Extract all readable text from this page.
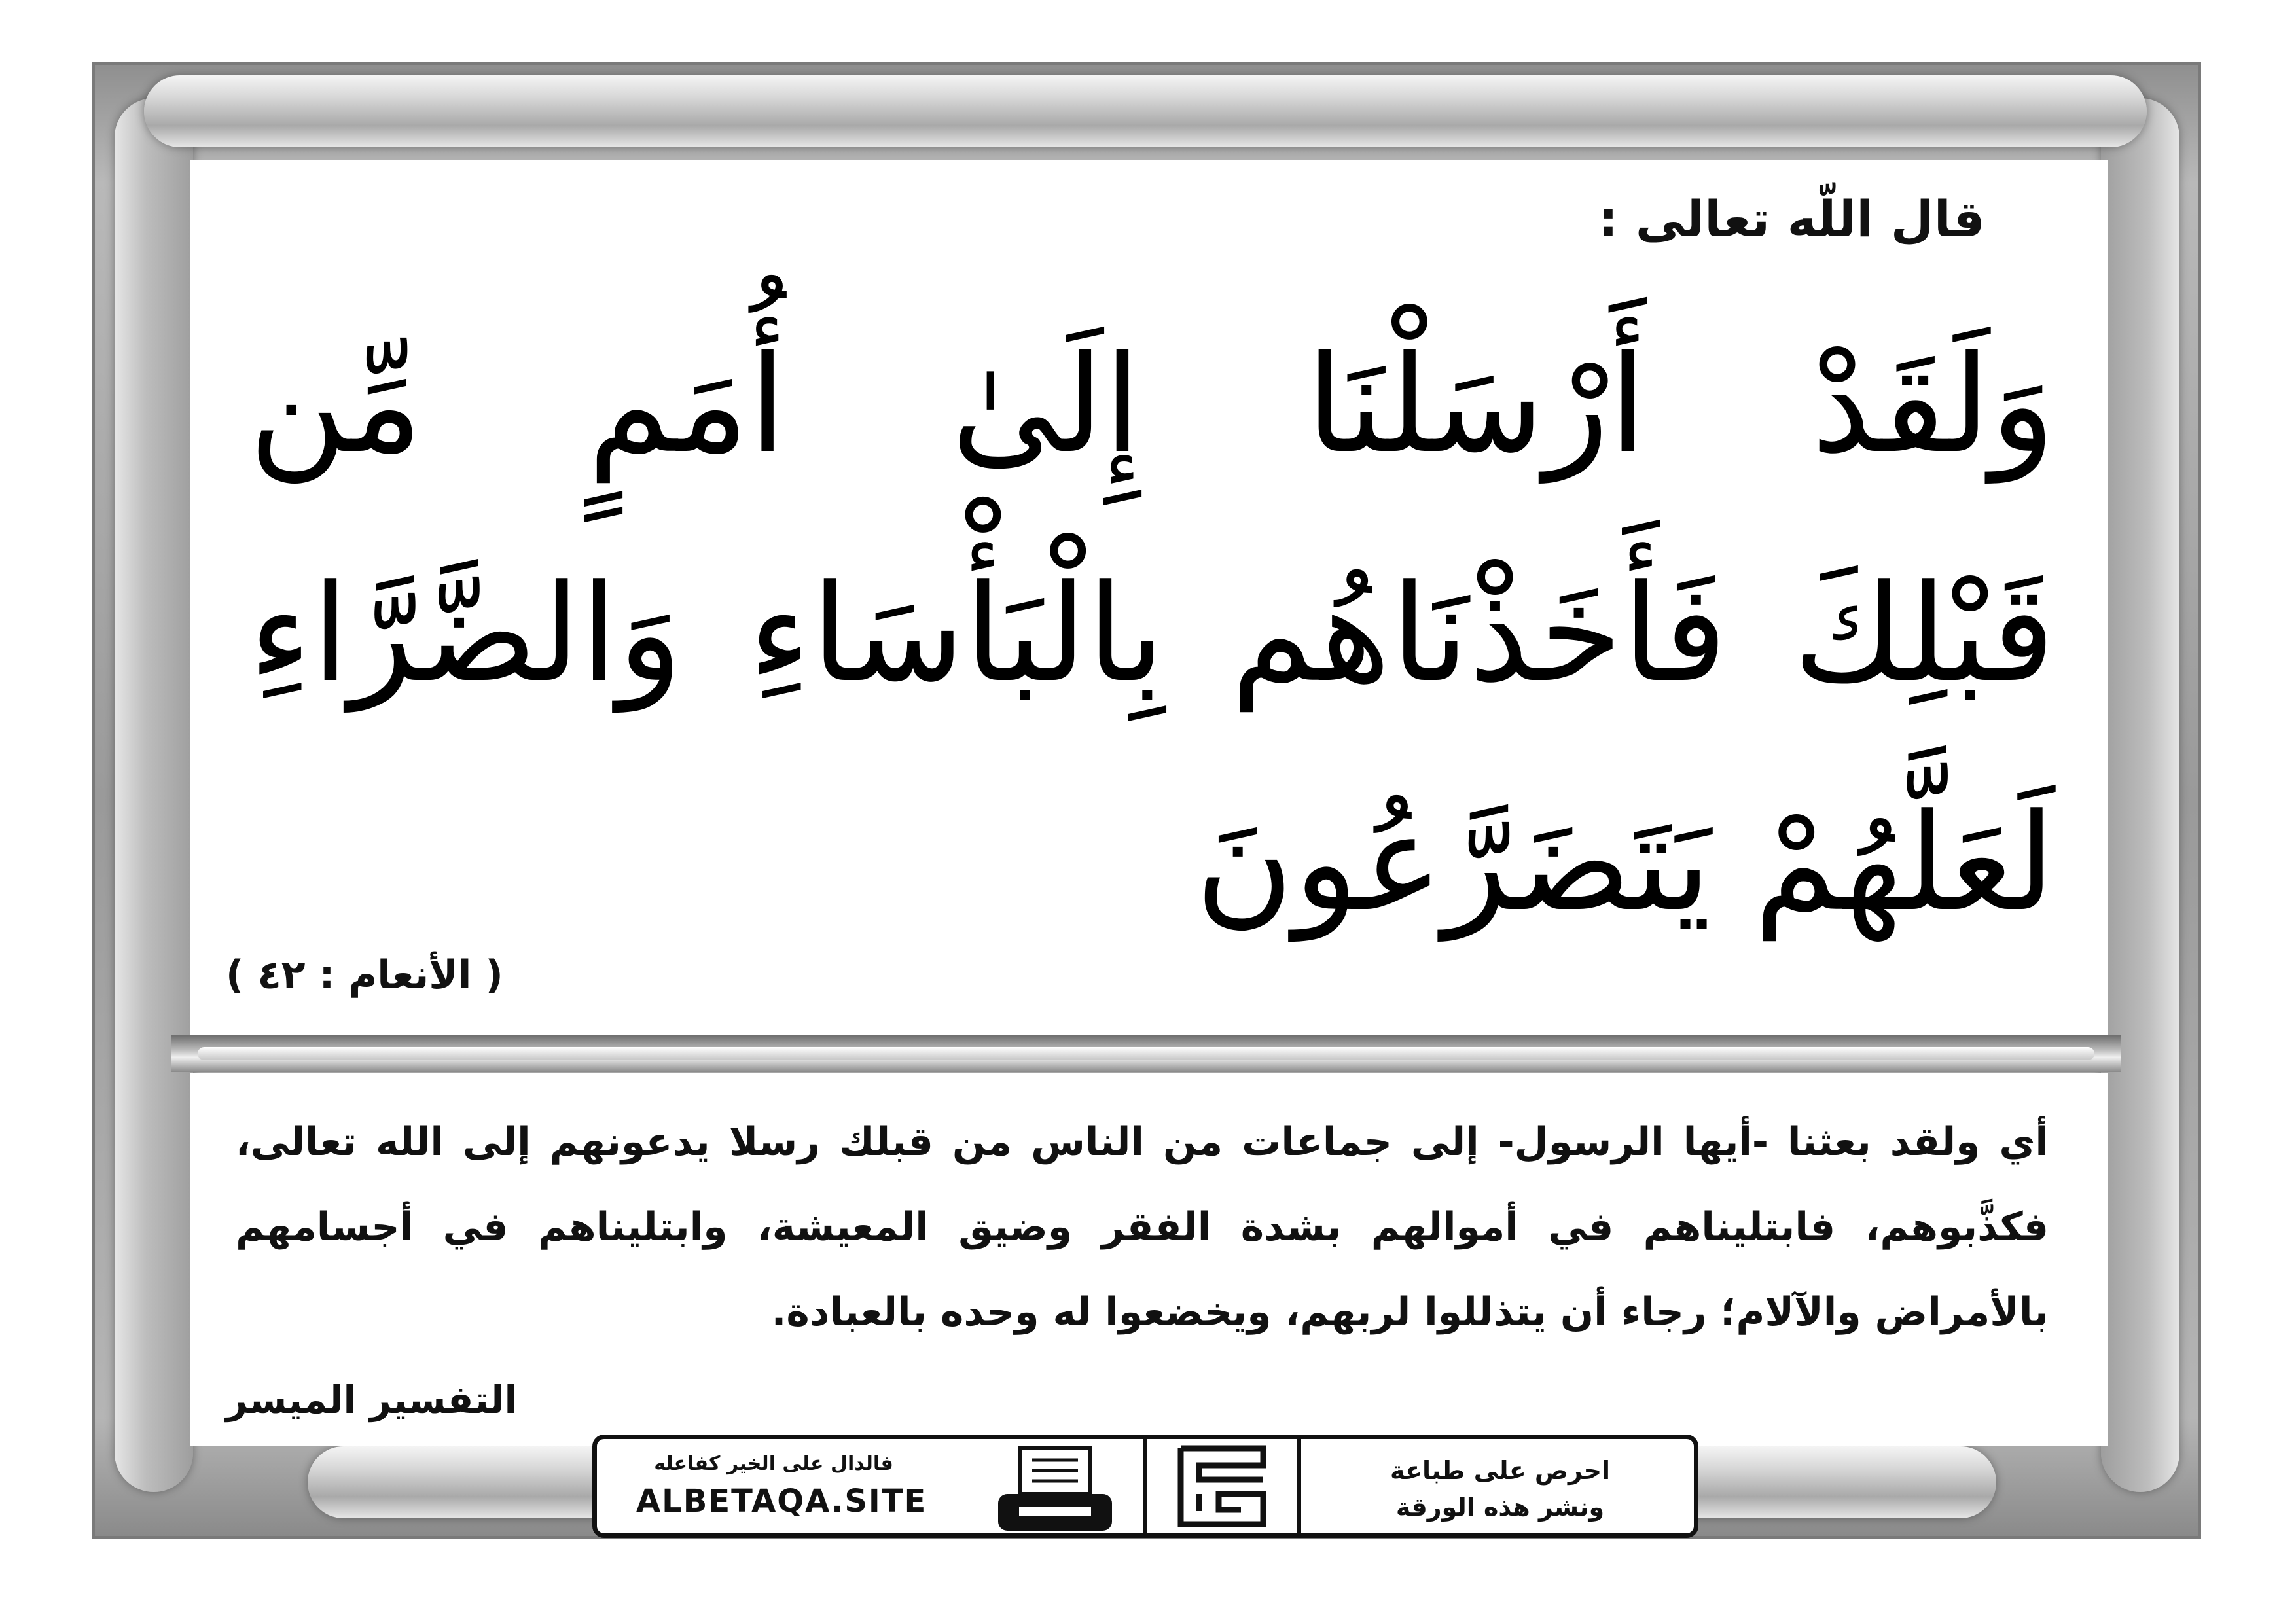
قال اللّه تعالى :
وَلَقَدْ أَرْسَلْنَا إِلَىٰ أُمَمٍ مِّن
قَبْلِكَ فَأَخَذْنَاهُم بِالْبَأْسَاءِ وَالضَّرَّاءِ
لَعَلَّهُمْ يَتَضَرَّعُونَ
( الأنعام : ٤٢ )
أي ولقد بعثنا -أيها الرسول- إلى جماعات من الناس من قبلك رسلا يدعونهم إلى الله تعالى،
فكذَّبوهم، فابتليناهم في أموالهم بشدة الفقر وضيق المعيشة، وابتليناهم في أجسامهم
بالأمراض والآلام؛ رجاء أن يتذللوا لربهم، ويخضعوا له وحده بالعبادة.
التفسير الميسر
فالدال على الخير كفاعله
ALBETAQA.SITE
احرص على طباعة
ونشر هذه الورقة
